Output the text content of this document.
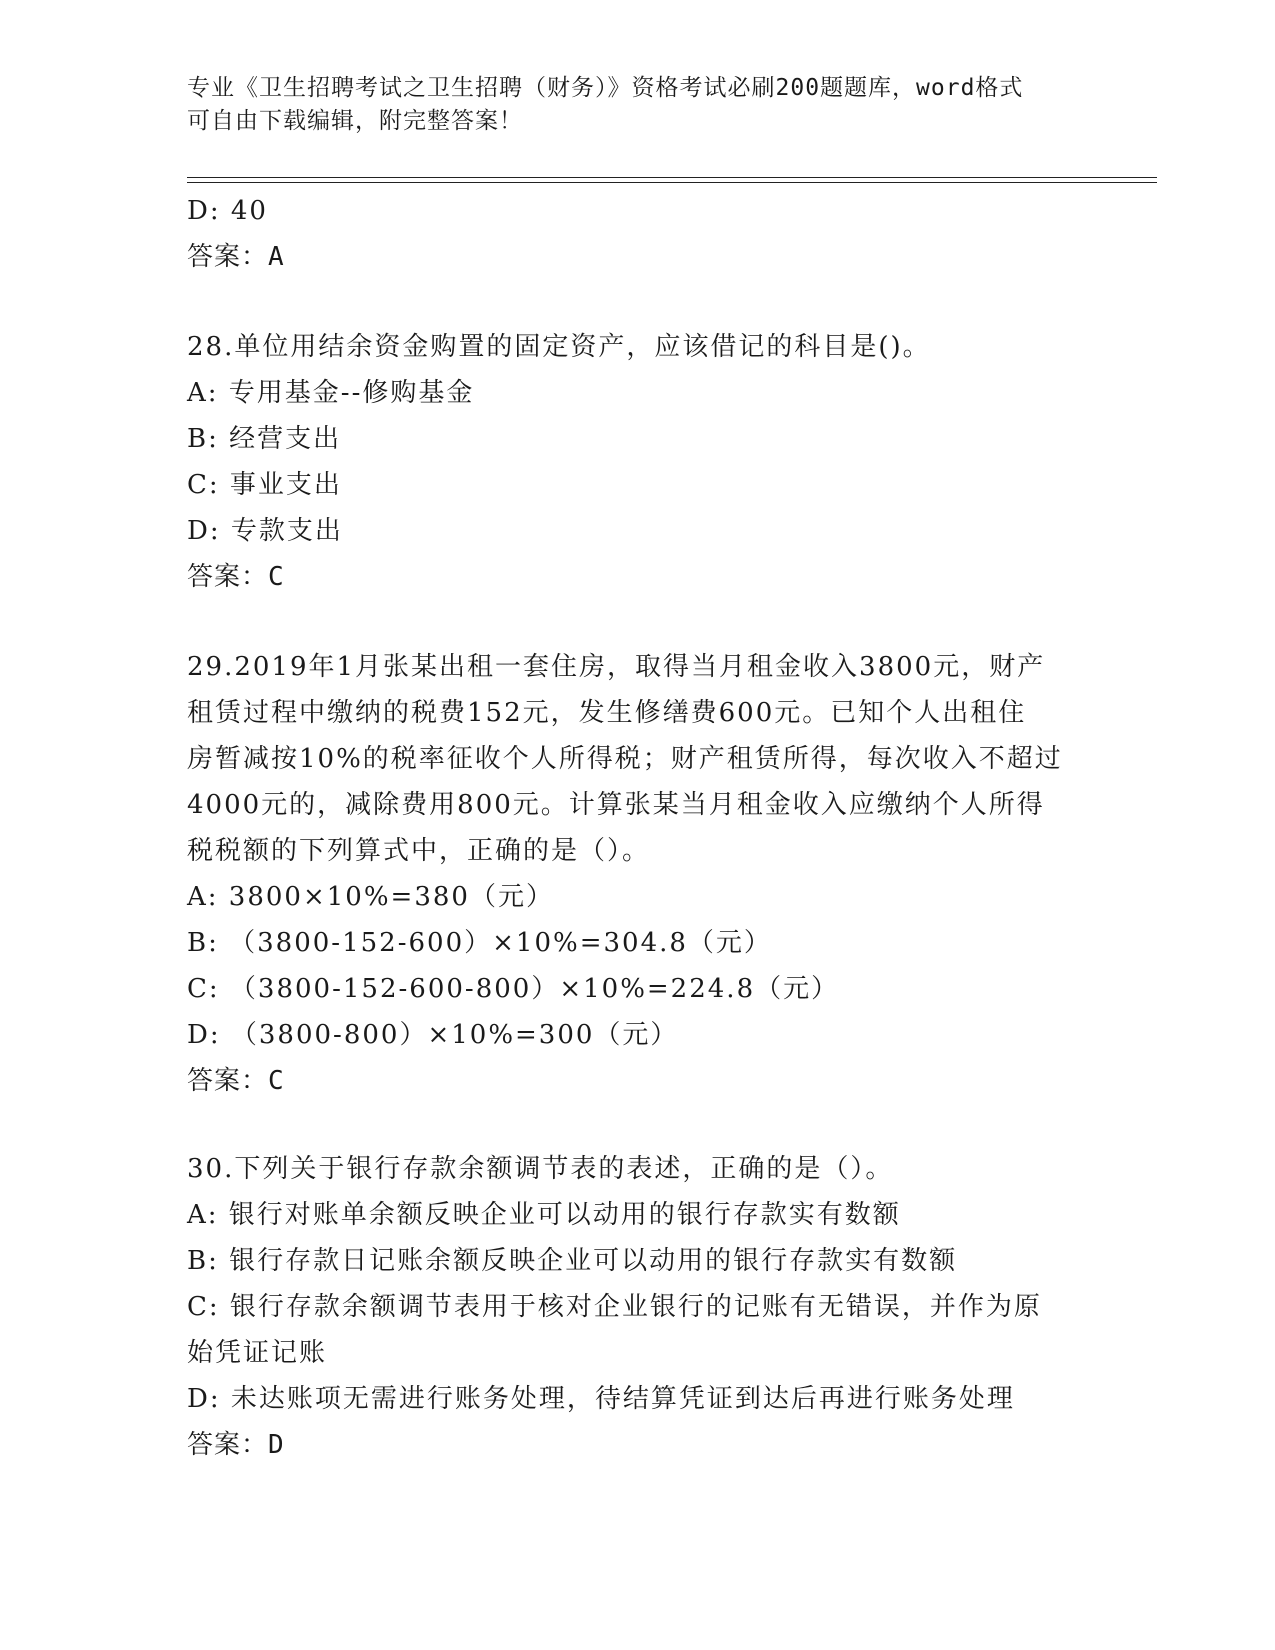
专业《卫生招聘考试之卫生招聘（财务）》资格考试必刷200题题库，word格式
可自由下载编辑，附完整答案！
D: 40
答案：A
28.单位用结余资金购置的固定资产，应该借记的科目是()。
A: 专用基金--修购基金
B: 经营支出
C: 事业支出
D: 专款支出
答案：C
29.2019年1月张某出租一套住房，取得当月租金收入3800元，财产
租赁过程中缴纳的税费152元，发生修缮费600元。已知个人出租住
房暂减按10%的税率征收个人所得税；财产租赁所得，每次收入不超过
4000元的，减除费用800元。计算张某当月租金收入应缴纳个人所得
税税额的下列算式中，正确的是（）。
A: 3800×10%=380（元）
B: （3800-152-600）×10%=304.8（元）
C: （3800-152-600-800）×10%=224.8（元）
D: （3800-800）×10%=300（元）
答案：C
30.下列关于银行存款余额调节表的表述，正确的是（）。
A: 银行对账单余额反映企业可以动用的银行存款实有数额
B: 银行存款日记账余额反映企业可以动用的银行存款实有数额
C: 银行存款余额调节表用于核对企业银行的记账有无错误，并作为原
始凭证记账
D: 未达账项无需进行账务处理，待结算凭证到达后再进行账务处理
答案：D
